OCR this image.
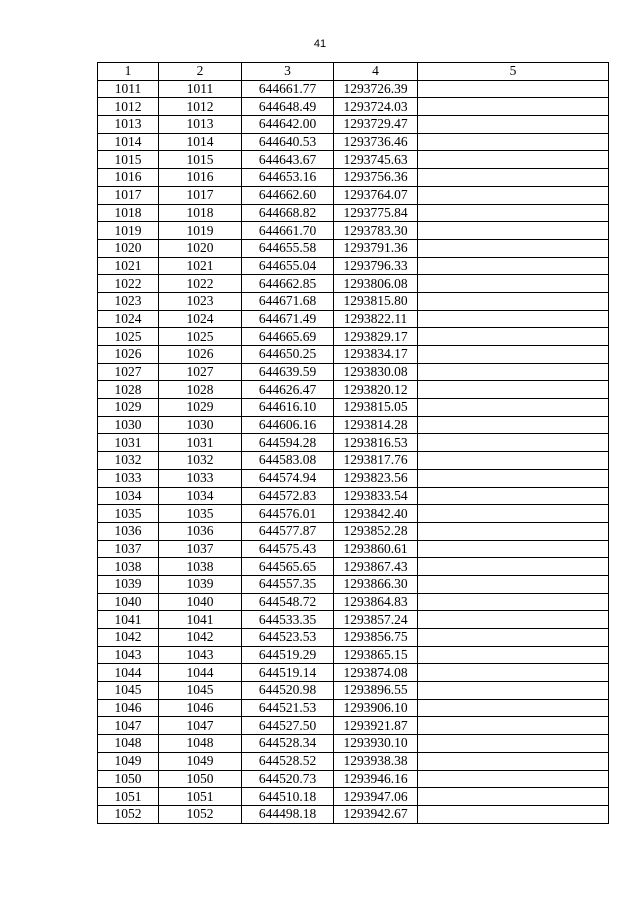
41
1	2	3	4	5
1011	1011	644661.77	1293726.39	
1012	1012	644648.49	1293724.03	
1013	1013	644642.00	1293729.47	
1014	1014	644640.53	1293736.46	
1015	1015	644643.67	1293745.63	
1016	1016	644653.16	1293756.36	
1017	1017	644662.60	1293764.07	
1018	1018	644668.82	1293775.84	
1019	1019	644661.70	1293783.30	
1020	1020	644655.58	1293791.36	
1021	1021	644655.04	1293796.33	
1022	1022	644662.85	1293806.08	
1023	1023	644671.68	1293815.80	
1024	1024	644671.49	1293822.11	
1025	1025	644665.69	1293829.17	
1026	1026	644650.25	1293834.17	
1027	1027	644639.59	1293830.08	
1028	1028	644626.47	1293820.12	
1029	1029	644616.10	1293815.05	
1030	1030	644606.16	1293814.28	
1031	1031	644594.28	1293816.53	
1032	1032	644583.08	1293817.76	
1033	1033	644574.94	1293823.56	
1034	1034	644572.83	1293833.54	
1035	1035	644576.01	1293842.40	
1036	1036	644577.87	1293852.28	
1037	1037	644575.43	1293860.61	
1038	1038	644565.65	1293867.43	
1039	1039	644557.35	1293866.30	
1040	1040	644548.72	1293864.83	
1041	1041	644533.35	1293857.24	
1042	1042	644523.53	1293856.75	
1043	1043	644519.29	1293865.15	
1044	1044	644519.14	1293874.08	
1045	1045	644520.98	1293896.55	
1046	1046	644521.53	1293906.10	
1047	1047	644527.50	1293921.87	
1048	1048	644528.34	1293930.10	
1049	1049	644528.52	1293938.38	
1050	1050	644520.73	1293946.16	
1051	1051	644510.18	1293947.06	
1052	1052	644498.18	1293942.67	
